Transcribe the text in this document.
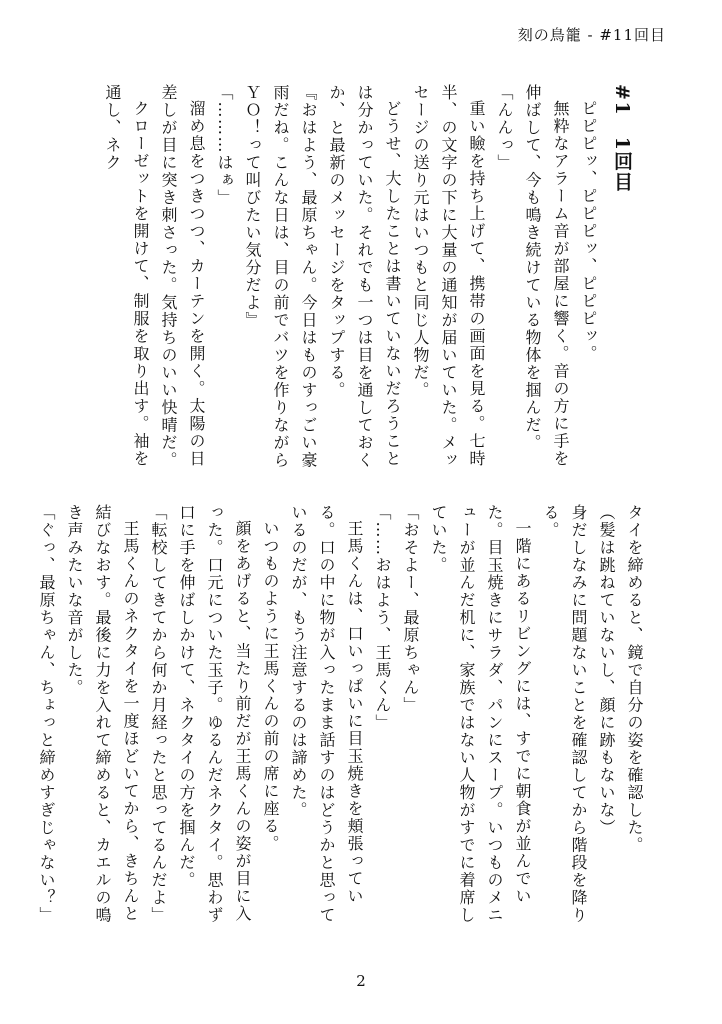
刻の鳥籠 - #11回目
#1　1回目

ピピピッ、ピピピッ、ピピピッ。

無粋なアラーム音が部屋に響く。音の方に手を伸ばして、今も鳴き続けている物体を掴んだ。

「んんっ」

重い瞼を持ち上げて、携帯の画面を見る。七時半、の文字の下に大量の通知が届いていた。メッセージの送り元はいつもと同じ人物だ。

どうせ、大したことは書いていないだろうことは分かっていた。それでも一つは目を通しておくか、と最新のメッセージをタップする。

『おはよう、最原ちゃん。今日はものすっごい豪雨だね。こんな日は、目の前でバツを作りながらＹＯ！って叫びたい気分だよ』

「………はぁ」

溜め息をつきつつ、カーテンを開く。太陽の日差しが目に突き刺さった。気持ちのいい快晴だ。

クローゼットを開けて、制服を取り出す。袖を通し、ネク

タイを締めると、鏡で自分の姿を確認した。

（髪は跳ねていないし、顔に跡もないな）

身だしなみに問題ないことを確認してから階段を降りる。

一階にあるリビングには、すでに朝食が並んでいた。目玉焼きにサラダ、パンにスープ。いつものメニューが並んだ机に、家族ではない人物がすでに着席していた。

「おそよー、最原ちゃん」

「……おはよう、王馬くん」

王馬くんは、口いっぱいに目玉焼きを頬張っている。口の中に物が入ったまま話すのはどうかと思っているのだが、もう注意するのは諦めた。

いつものように王馬くんの前の席に座る。

顔をあげると、当たり前だが王馬くんの姿が目に入った。口元についた玉子。ゆるんだネクタイ。思わず口に手を伸ばしかけて、ネクタイの方を掴んだ。

「転校してきてから何か月経ったと思ってるんだよ」

王馬くんのネクタイを一度ほどいてから、きちんと結びなおす。最後に力を入れて締めると、カエルの鳴き声みたいな音がした。

「ぐっ、最原ちゃん、ちょっと締めすぎじゃない？」

2
